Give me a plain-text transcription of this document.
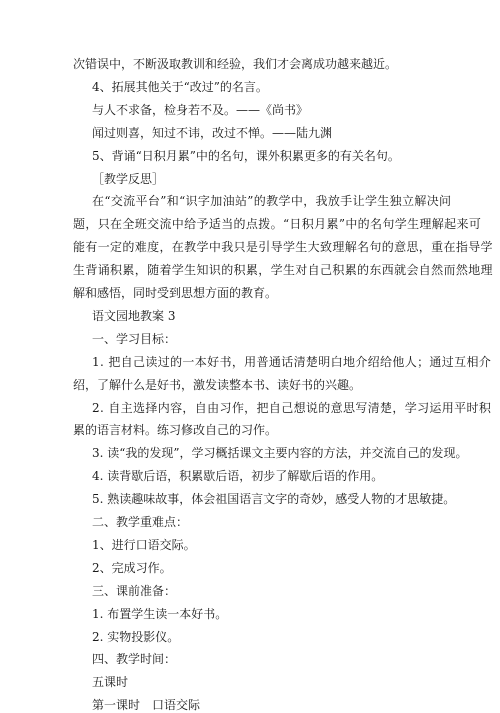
次错误中，不断汲取教训和经验，我们才会离成功越来越近。
4、拓展其他关于“改过”的名言。
与人不求备，检身若不及。——《尚书》
闻过则喜，知过不讳，改过不惮。——陆九渊
5、背诵“日积月累”中的名句，课外积累更多的有关名句。
［教学反思］
在“交流平台”和“识字加油站”的教学中，我放手让学生独立解决问
题，只在全班交流中给予适当的点拨。“日积月累”中的名句学生理解起来可
能有一定的难度，在教学中我只是引导学生大致理解名句的意思，重在指导学
生背诵积累，随着学生知识的积累，学生对自己积累的东西就会自然而然地理
解和感悟，同时受到思想方面的教育。
语文园地教案 3
一、学习目标：
1. 把自己读过的一本好书，用普通话清楚明白地介绍给他人；通过互相介
绍，了解什么是好书，激发读整本书、读好书的兴趣。
2. 自主选择内容，自由习作，把自己想说的意思写清楚，学习运用平时积
累的语言材料。练习修改自己的习作。
3. 读“我的发现”，学习概括课文主要内容的方法，并交流自己的发现。
4. 读背歇后语，积累歇后语，初步了解歇后语的作用。
5. 熟读趣味故事，体会祖国语言文字的奇妙，感受人物的才思敏捷。
二、教学重难点：
1、进行口语交际。
2、完成习作。
三、课前准备：
1. 布置学生读一本好书。
2. 实物投影仪。
四、教学时间：
五课时
第一课时　口语交际
